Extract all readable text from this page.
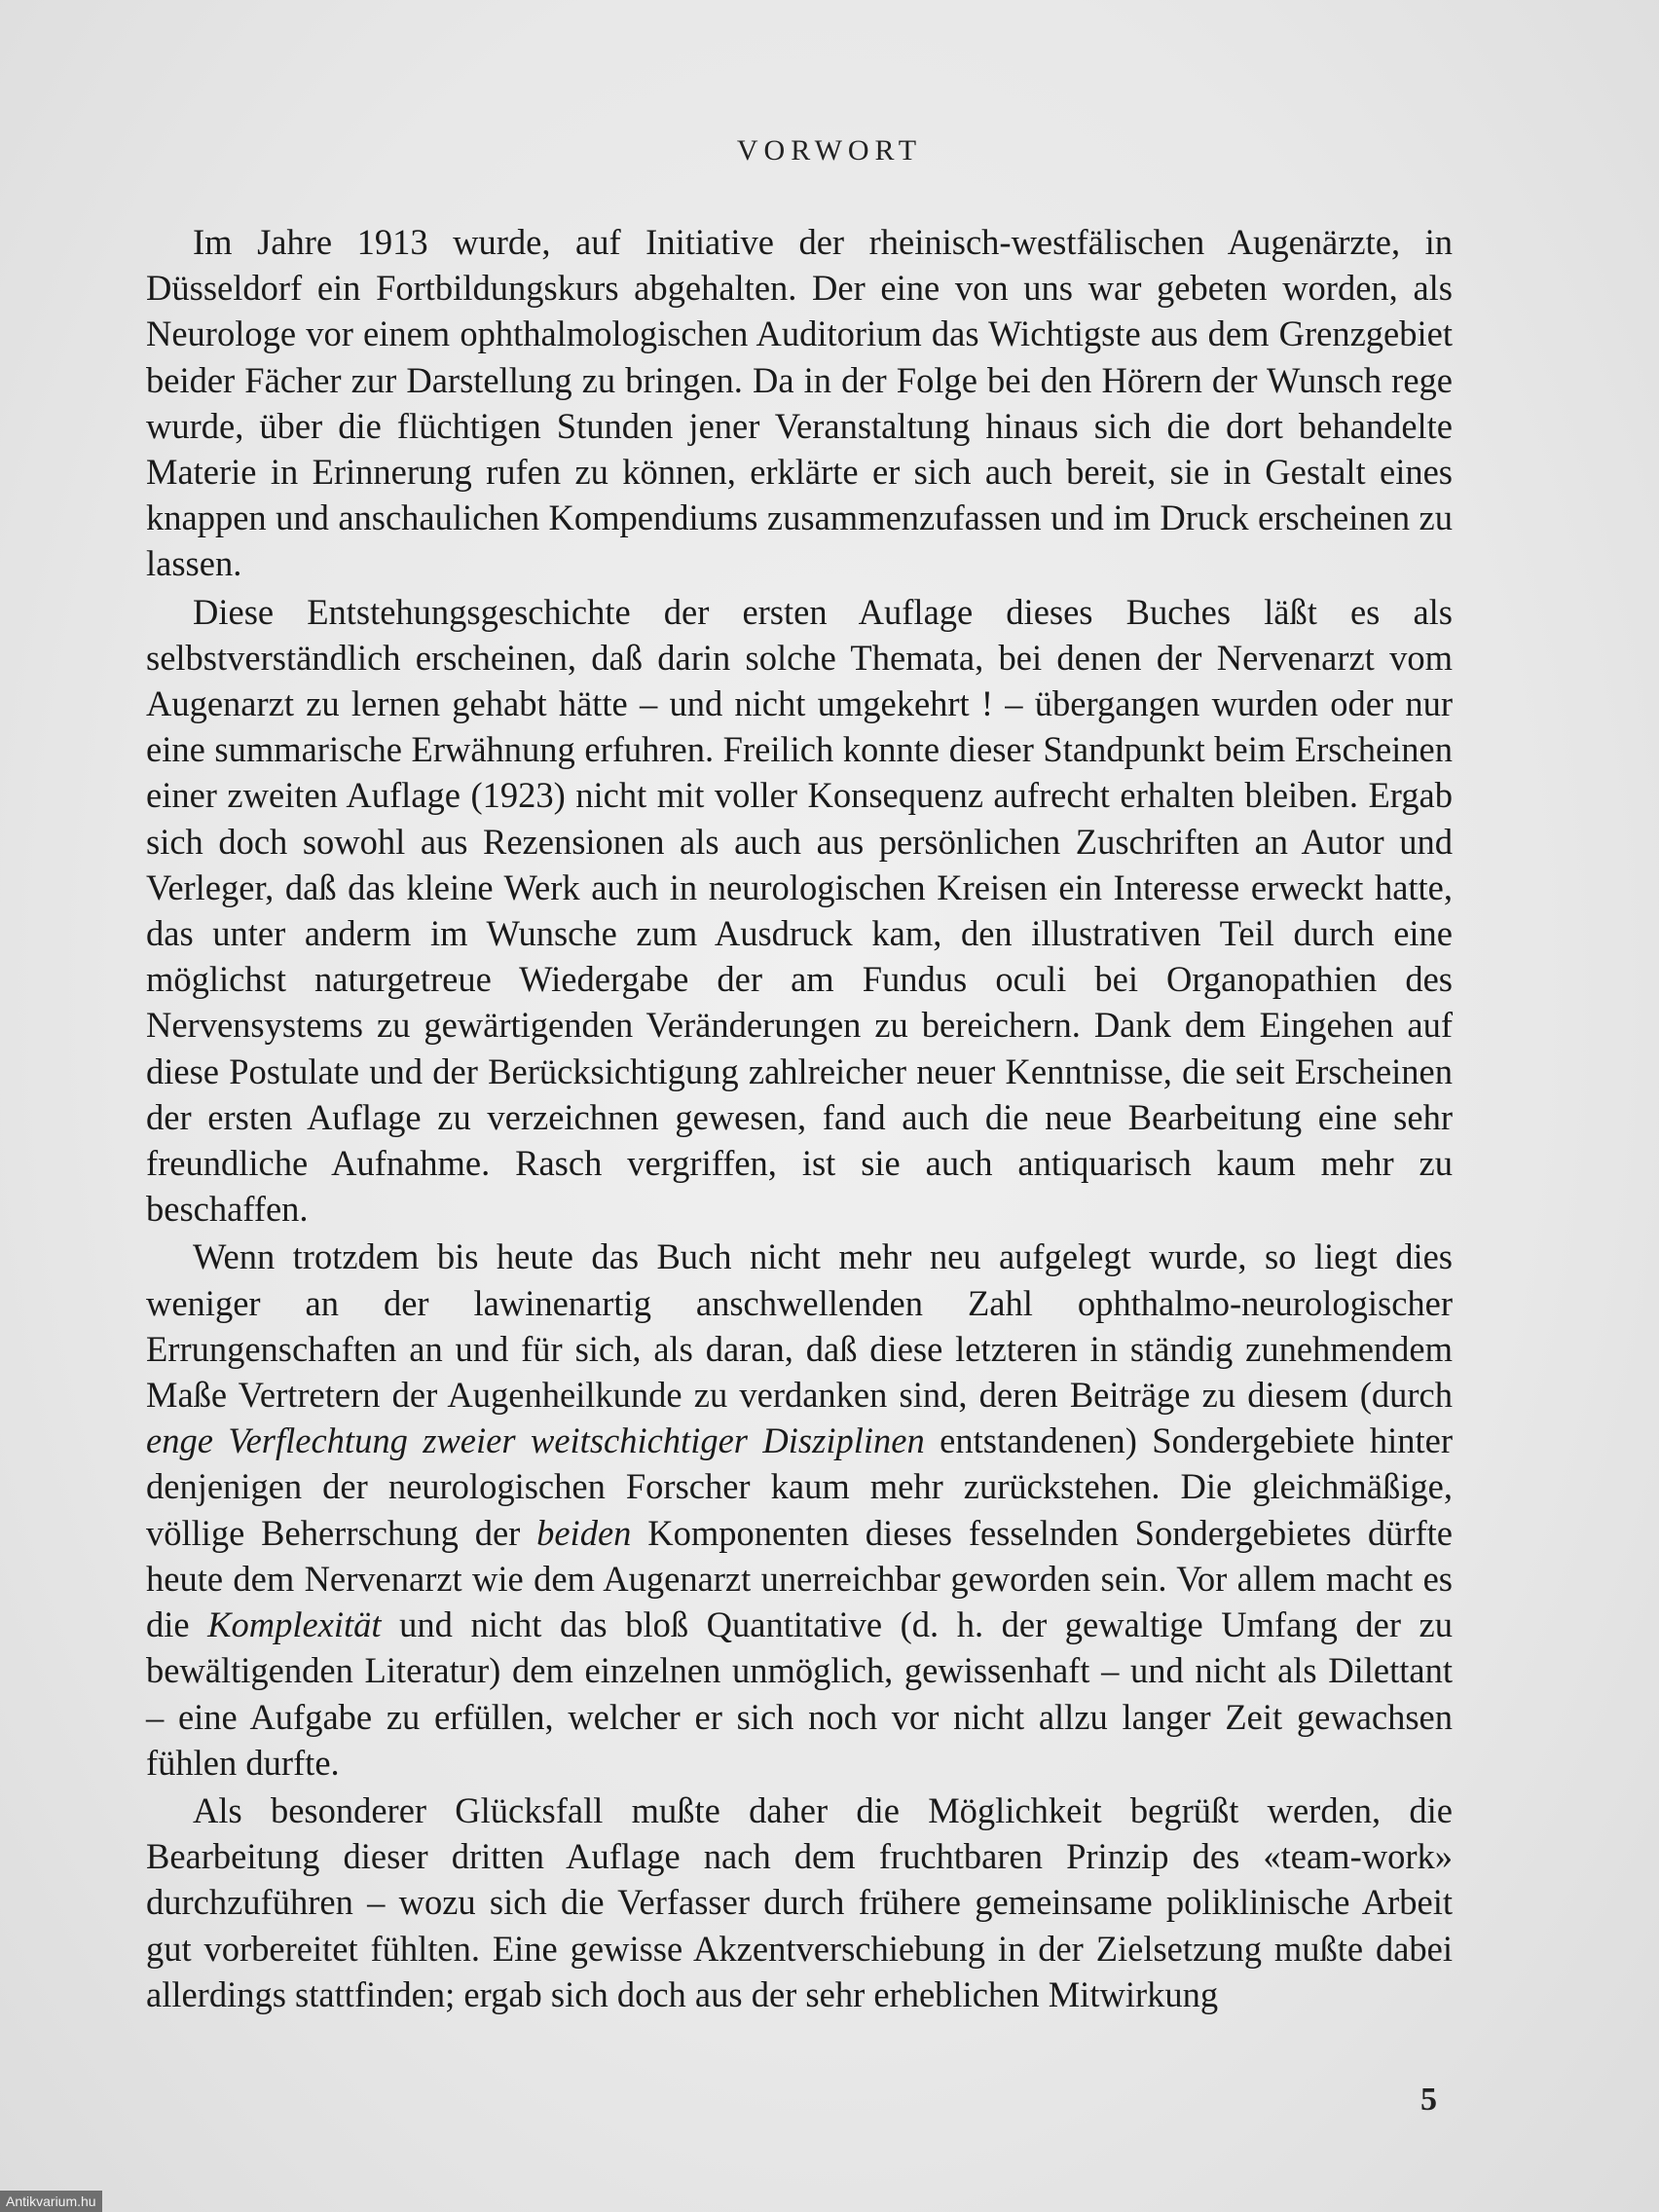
VORWORT

Im Jahre 1913 wurde, auf Initiative der rheinisch-westfälischen Augenärzte, in Düsseldorf ein Fortbildungskurs abgehalten. Der eine von uns war gebeten worden, als Neurologe vor einem ophthalmologischen Auditorium das Wichtigste aus dem Grenzgebiet beider Fächer zur Darstellung zu bringen. Da in der Folge bei den Hörern der Wunsch rege wurde, über die flüchtigen Stunden jener Veranstaltung hinaus sich die dort behandelte Materie in Erinnerung rufen zu können, erklärte er sich auch bereit, sie in Gestalt eines knappen und anschaulichen Kompendiums zusammenzufassen und im Druck erscheinen zu lassen.

Diese Entstehungsgeschichte der ersten Auflage dieses Buches läßt es als selbstverständlich erscheinen, daß darin solche Themata, bei denen der Nervenarzt vom Augenarzt zu lernen gehabt hätte – und nicht umgekehrt ! – übergangen wurden oder nur eine summarische Erwähnung erfuhren. Freilich konnte dieser Standpunkt beim Erscheinen einer zweiten Auflage (1923) nicht mit voller Konsequenz aufrecht erhalten bleiben. Ergab sich doch sowohl aus Rezensionen als auch aus persönlichen Zuschriften an Autor und Verleger, daß das kleine Werk auch in neurologischen Kreisen ein Interesse erweckt hatte, das unter anderm im Wunsche zum Ausdruck kam, den illustrativen Teil durch eine möglichst naturgetreue Wiedergabe der am Fundus oculi bei Organopathien des Nervensystems zu gewärtigenden Veränderungen zu bereichern. Dank dem Eingehen auf diese Postulate und der Berücksichtigung zahlreicher neuer Kenntnisse, die seit Erscheinen der ersten Auflage zu verzeichnen gewesen, fand auch die neue Bearbeitung eine sehr freundliche Aufnahme. Rasch vergriffen, ist sie auch antiquarisch kaum mehr zu beschaffen.

Wenn trotzdem bis heute das Buch nicht mehr neu aufgelegt wurde, so liegt dies weniger an der lawinenartig anschwellenden Zahl ophthalmo-neurologischer Errungenschaften an und für sich, als daran, daß diese letzteren in ständig zunehmendem Maße Vertretern der Augenheilkunde zu verdanken sind, deren Beiträge zu diesem (durch enge Verflechtung zweier weitschichtiger Disziplinen entstandenen) Sondergebiete hinter denjenigen der neurologischen Forscher kaum mehr zurückstehen. Die gleichmäßige, völlige Beherrschung der beiden Komponenten dieses fesselnden Sondergebietes dürfte heute dem Nervenarzt wie dem Augenarzt unerreichbar geworden sein. Vor allem macht es die Komplexität und nicht das bloß Quantitative (d. h. der gewaltige Umfang der zu bewältigenden Literatur) dem einzelnen unmöglich, gewissenhaft – und nicht als Dilettant – eine Aufgabe zu erfüllen, welcher er sich noch vor nicht allzu langer Zeit gewachsen fühlen durfte.

Als besonderer Glücksfall mußte daher die Möglichkeit begrüßt werden, die Bearbeitung dieser dritten Auflage nach dem fruchtbaren Prinzip des «team-work» durchzuführen – wozu sich die Verfasser durch frühere gemeinsame poliklinische Arbeit gut vorbereitet fühlten. Eine gewisse Akzentverschiebung in der Zielsetzung mußte dabei allerdings stattfinden; ergab sich doch aus der sehr erheblichen Mitwirkung

5
Antikvarium.hu
